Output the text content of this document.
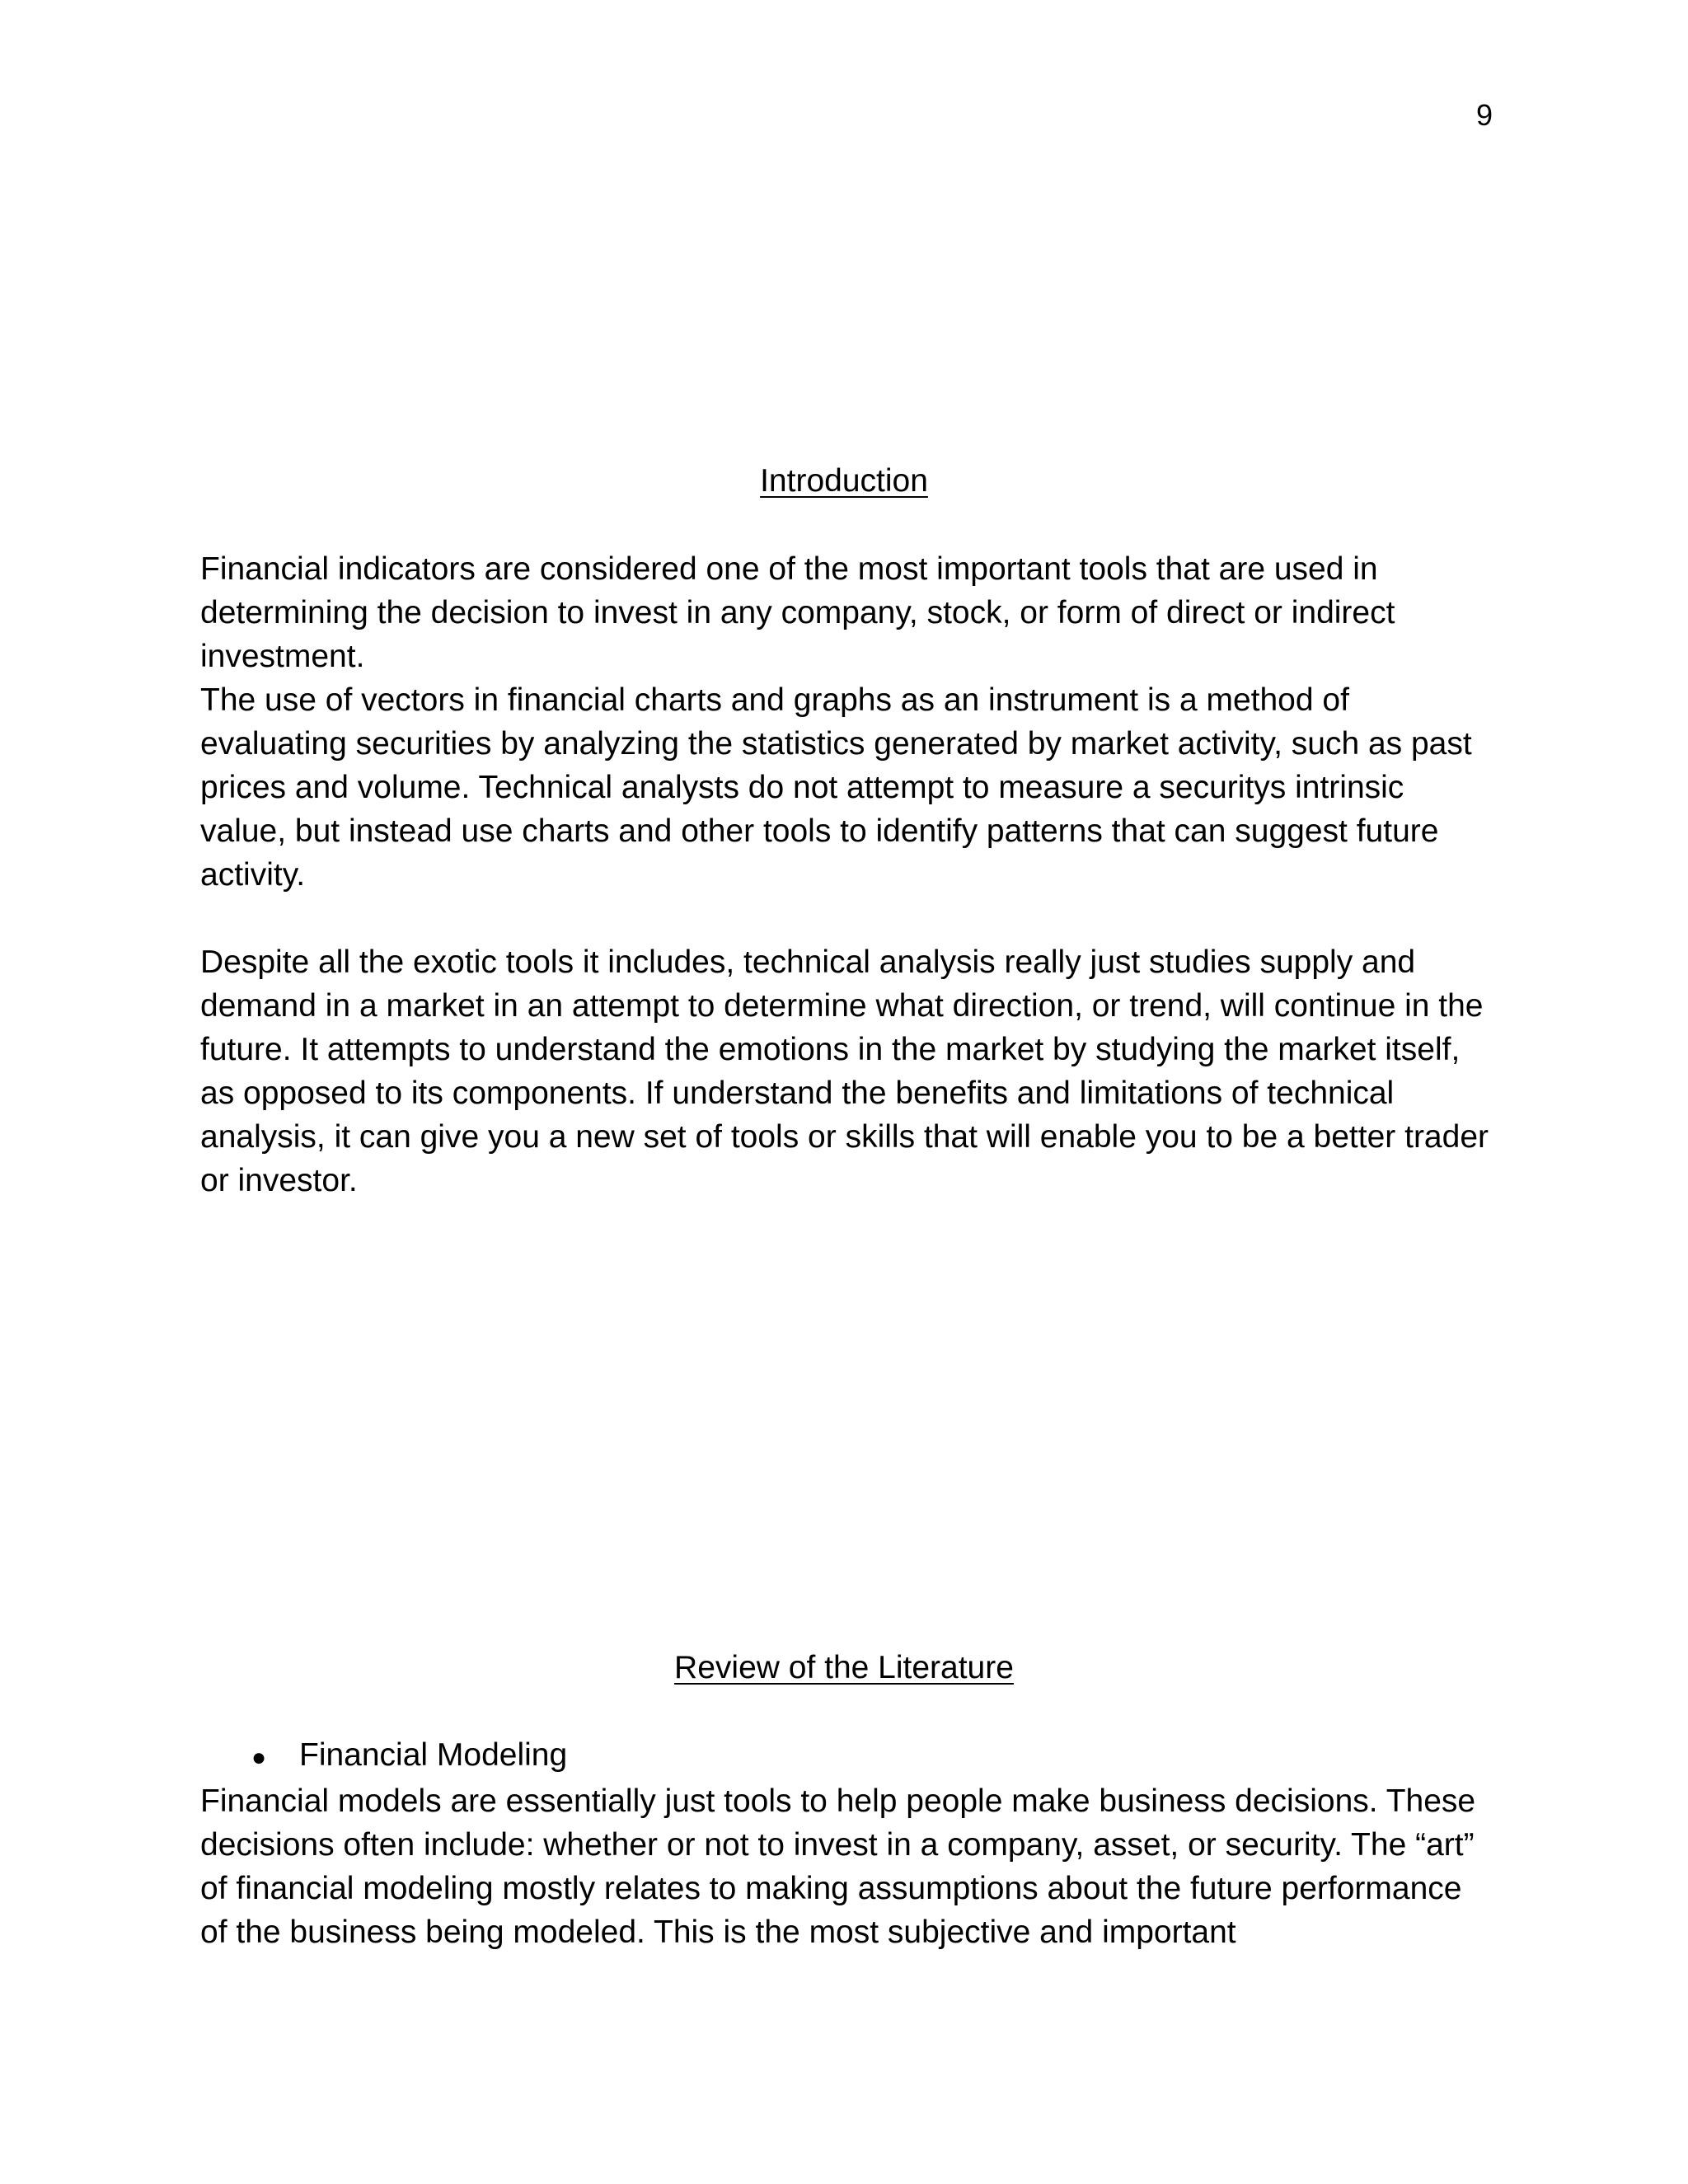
9
Introduction

Financial indicators are considered one of the most important tools that are used in determining the decision to invest in any company, stock, or form of direct or indirect investment.

The use of vectors in financial charts and graphs as an instrument is a method of evaluating securities by analyzing the statistics generated by market activity, such as past prices and volume. Technical analysts do not attempt to measure a securitys intrinsic value, but instead use charts and other tools to identify patterns that can suggest future activity.

Despite all the exotic tools it includes, technical analysis really just studies supply and demand in a market in an attempt to determine what direction, or trend, will continue in the future. It attempts to understand the emotions in the market by studying the market itself, as opposed to its components. If understand the benefits and limitations of technical analysis, it can give you a new set of tools or skills that will enable you to be a better trader or investor.

Review of the Literature
●	Financial Modeling

Financial models are essentially just tools to help people make business decisions. These decisions often include: whether or not to invest in a company, asset, or security. The “art” of financial modeling mostly relates to making assumptions about the future performance of the business being modeled. This is the most subjective and important
